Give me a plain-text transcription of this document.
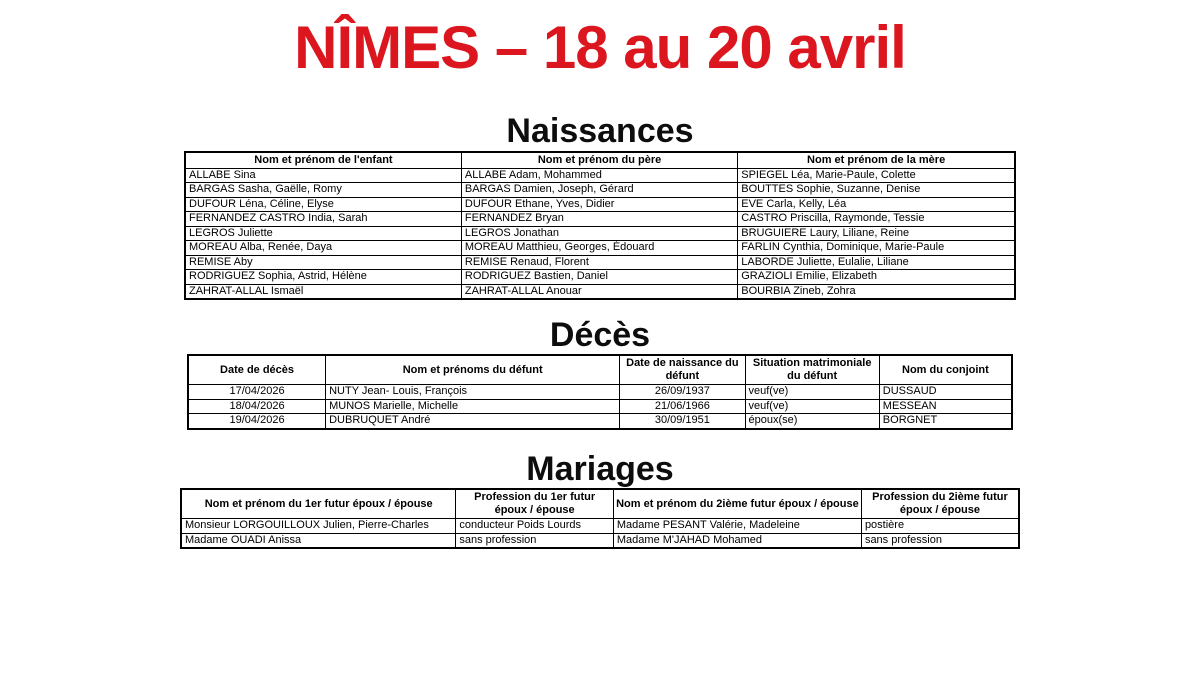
NÎMES – 18 au 20 avril
Naissances
Nom et prénom de l'enfant	Nom et prénom du père	Nom et prénom de la mère
ALLABE Sina	ALLABE Adam, Mohammed	SPIEGEL Léa, Marie-Paule, Colette
BARGAS Sasha, Gaëlle, Romy	BARGAS Damien, Joseph, Gérard	BOUTTES Sophie, Suzanne, Denise
DUFOUR Léna, Céline, Elyse	DUFOUR Ethane, Yves, Didier	EVE Carla, Kelly, Léa
FERNANDEZ CASTRO India, Sarah	FERNANDEZ Bryan	CASTRO Priscilla, Raymonde, Tessie
LEGROS Juliette	LEGROS Jonathan	BRUGUIERE Laury, Liliane, Reine
MOREAU Alba, Renée, Daya	MOREAU Matthieu, Georges, Édouard	FARLIN Cynthia, Dominique, Marie-Paule
REMISE Aby	REMISE Renaud, Florent	LABORDE Juliette, Eulalie, Liliane
RODRIGUEZ Sophia, Astrid, Hélène	RODRIGUEZ Bastien, Daniel	GRAZIOLI Emilie, Elizabeth
ZAHRAT-ALLAL Ismaël	ZAHRAT-ALLAL Anouar	BOURBIA Zineb, Zohra
Décès
Date de décès	Nom et prénoms du défunt	Date de naissance du défunt	Situation matrimoniale du défunt	Nom du conjoint
17/04/2026	NUTY Jean- Louis, François	26/09/1937	veuf(ve)	DUSSAUD
18/04/2026	MUNOS Marielle, Michelle	21/06/1966	veuf(ve)	MESSEAN
19/04/2026	DUBRUQUET André	30/09/1951	époux(se)	BORGNET
Mariages
Nom et prénom du 1er futur époux / épouse	Profession du 1er futur époux / épouse	Nom et prénom du 2ième futur époux / épouse	Profession du 2ième futur époux / épouse
Monsieur LORGOUILLOUX Julien, Pierre-Charles	conducteur Poids Lourds	Madame PESANT Valérie, Madeleine	postière
Madame OUADI Anissa	sans profession	Madame M'JAHAD Mohamed	sans profession
